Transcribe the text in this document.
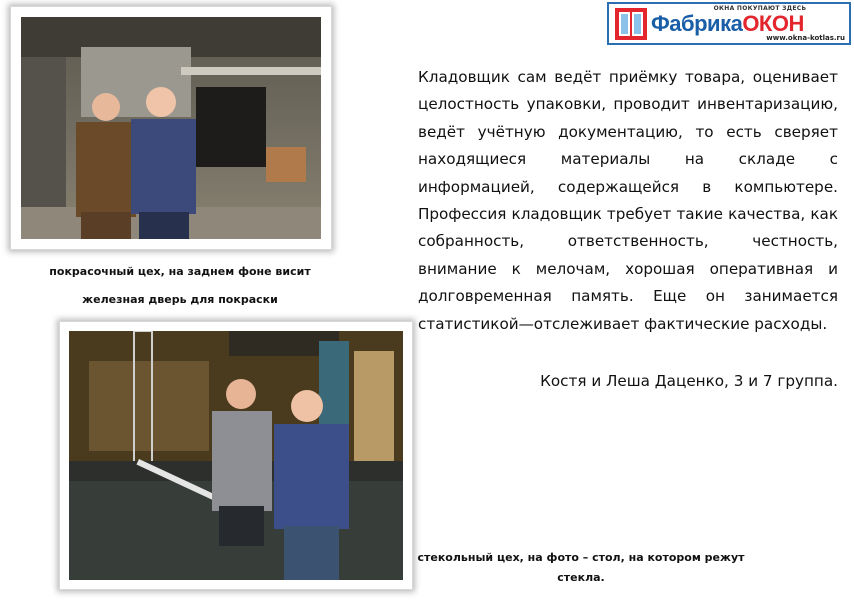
покрасочный цех, на заднем фоне висит
железная дверь для покраски
стекольный цех, на фото – стол, на котором режут
стекла.
ОКНА ПОКУПАЮТ ЗДЕСЬ
ФабрикаОКОН
www.okna-kotlas.ru

Кладовщик сам ведёт приёмку товара, оценивает целостность упаковки, проводит инвентаризацию, ведёт учётную документацию, то есть сверяет находящиеся материалы на складе с информацией, содержащейся в компьютере. Профессия кладовщик требует такие качества, как собранность, ответственность, честность, внимание к мелочам, хорошая оперативная и долговременная память. Еще он занимается статистикой—отслеживает фактические расходы.

Костя и Леша Даценко, 3 и 7 группа.
